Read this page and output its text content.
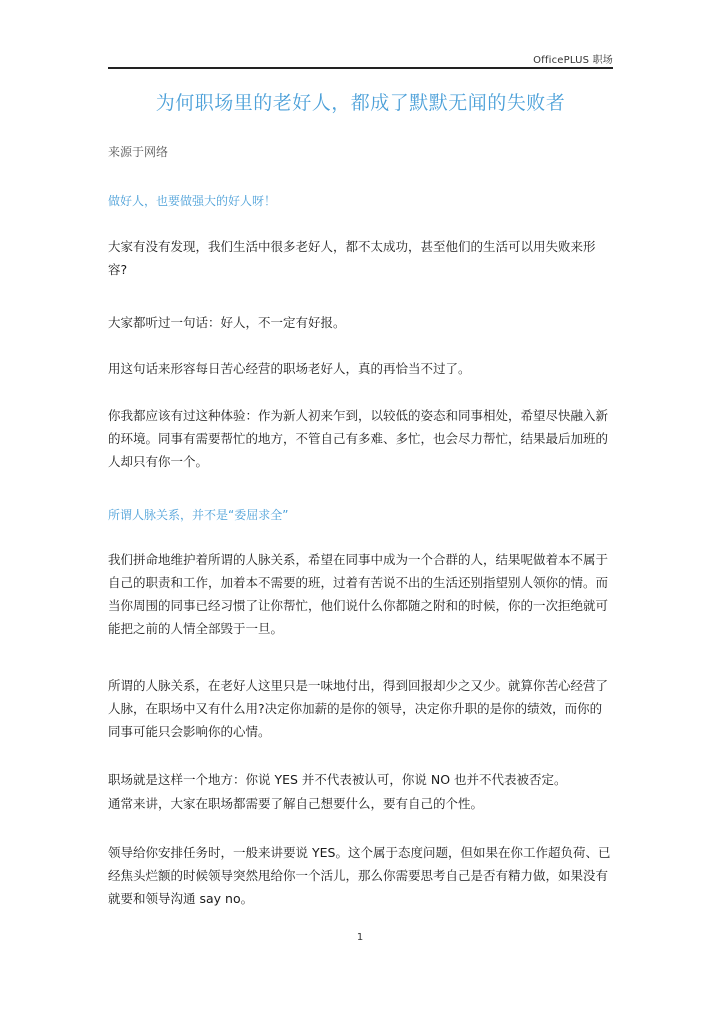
OfficePLUS 职场
为何职场里的老好人，都成了默默无闻的失败者
来源于网络
做好人，也要做强大的好人呀！

大家有没有发现，我们生活中很多老好人，都不太成功，甚至他们的生活可以用失败来形容?

大家都听过一句话：好人，不一定有好报。

用这句话来形容每日苦心经营的职场老好人，真的再恰当不过了。

你我都应该有过这种体验：作为新人初来乍到，以较低的姿态和同事相处，希望尽快融入新的环境。同事有需要帮忙的地方，不管自己有多难、多忙，也会尽力帮忙，结果最后加班的人却只有你一个。

所谓人脉关系，并不是“委屈求全”

我们拼命地维护着所谓的人脉关系，希望在同事中成为一个合群的人，结果呢做着本不属于自己的职责和工作，加着本不需要的班，过着有苦说不出的生活还别指望别人领你的情。而当你周围的同事已经习惯了让你帮忙，他们说什么你都随之附和的时候，你的一次拒绝就可能把之前的人情全部毁于一旦。

所谓的人脉关系，在老好人这里只是一味地付出，得到回报却少之又少。就算你苦心经营了人脉，在职场中又有什么用?决定你加薪的是你的领导，决定你升职的是你的绩效，而你的同事可能只会影响你的心情。

职场就是这样一个地方：你说 YES 并不代表被认可，你说 NO 也并不代表被否定。

通常来讲，大家在职场都需要了解自己想要什么，要有自己的个性。

领导给你安排任务时，一般来讲要说 YES。这个属于态度问题，但如果在你工作超负荷、已经焦头烂额的时候领导突然甩给你一个活儿，那么你需要思考自己是否有精力做，如果没有就要和领导沟通 say no。

1
